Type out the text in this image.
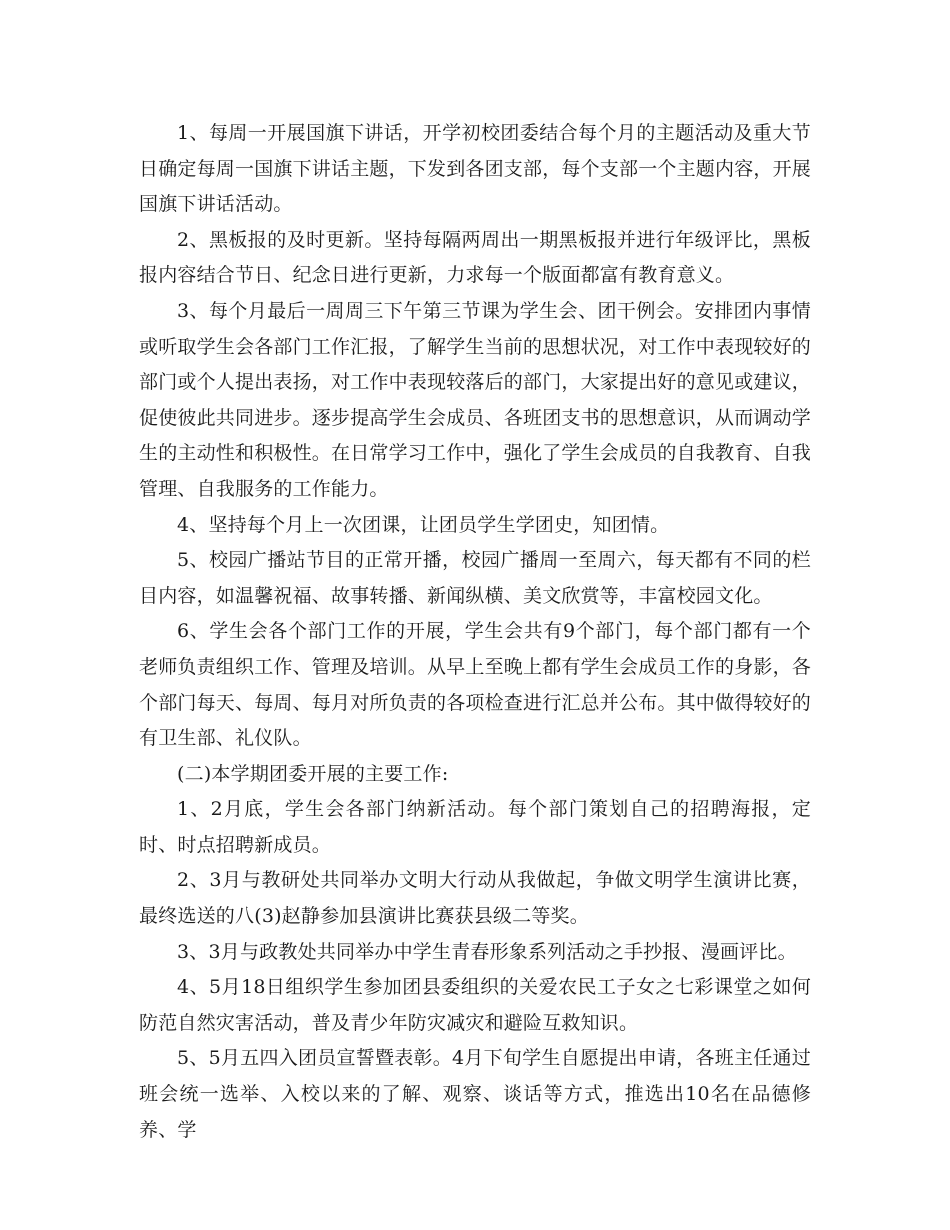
1、每周一开展国旗下讲话，开学初校团委结合每个月的主题活动及重大节日确定每周一国旗下讲话主题，下发到各团支部，每个支部一个主题内容，开展国旗下讲话活动。

2、黑板报的及时更新。坚持每隔两周出一期黑板报并进行年级评比，黑板报内容结合节日、纪念日进行更新，力求每一个版面都富有教育意义。

3、每个月最后一周周三下午第三节课为学生会、团干例会。安排团内事情或听取学生会各部门工作汇报，了解学生当前的思想状况，对工作中表现较好的部门或个人提出表扬，对工作中表现较落后的部门，大家提出好的意见或建议，促使彼此共同进步。逐步提高学生会成员、各班团支书的思想意识，从而调动学生的主动性和积极性。在日常学习工作中，强化了学生会成员的自我教育、自我管理、自我服务的工作能力。

4、坚持每个月上一次团课，让团员学生学团史，知团情。

5、校园广播站节目的正常开播，校园广播周一至周六，每天都有不同的栏目内容，如温馨祝福、故事转播、新闻纵横、美文欣赏等，丰富校园文化。

6、学生会各个部门工作的开展，学生会共有9个部门，每个部门都有一个老师负责组织工作、管理及培训。从早上至晚上都有学生会成员工作的身影，各个部门每天、每周、每月对所负责的各项检查进行汇总并公布。其中做得较好的有卫生部、礼仪队。

(二)本学期团委开展的主要工作:

1、2月底，学生会各部门纳新活动。每个部门策划自己的招聘海报，定时、时点招聘新成员。

2、3月与教研处共同举办文明大行动从我做起，争做文明学生演讲比赛，最终选送的八(3)赵静参加县演讲比赛获县级二等奖。

3、3月与政教处共同举办中学生青春形象系列活动之手抄报、漫画评比。

4、5月18日组织学生参加团县委组织的关爱农民工子女之七彩课堂之如何防范自然灾害活动，普及青少年防灾减灾和避险互救知识。

5、5月五四入团员宣誓暨表彰。4月下旬学生自愿提出申请，各班主任通过班会统一选举、入校以来的了解、观察、谈话等方式，推选出10名在品德修养、学
